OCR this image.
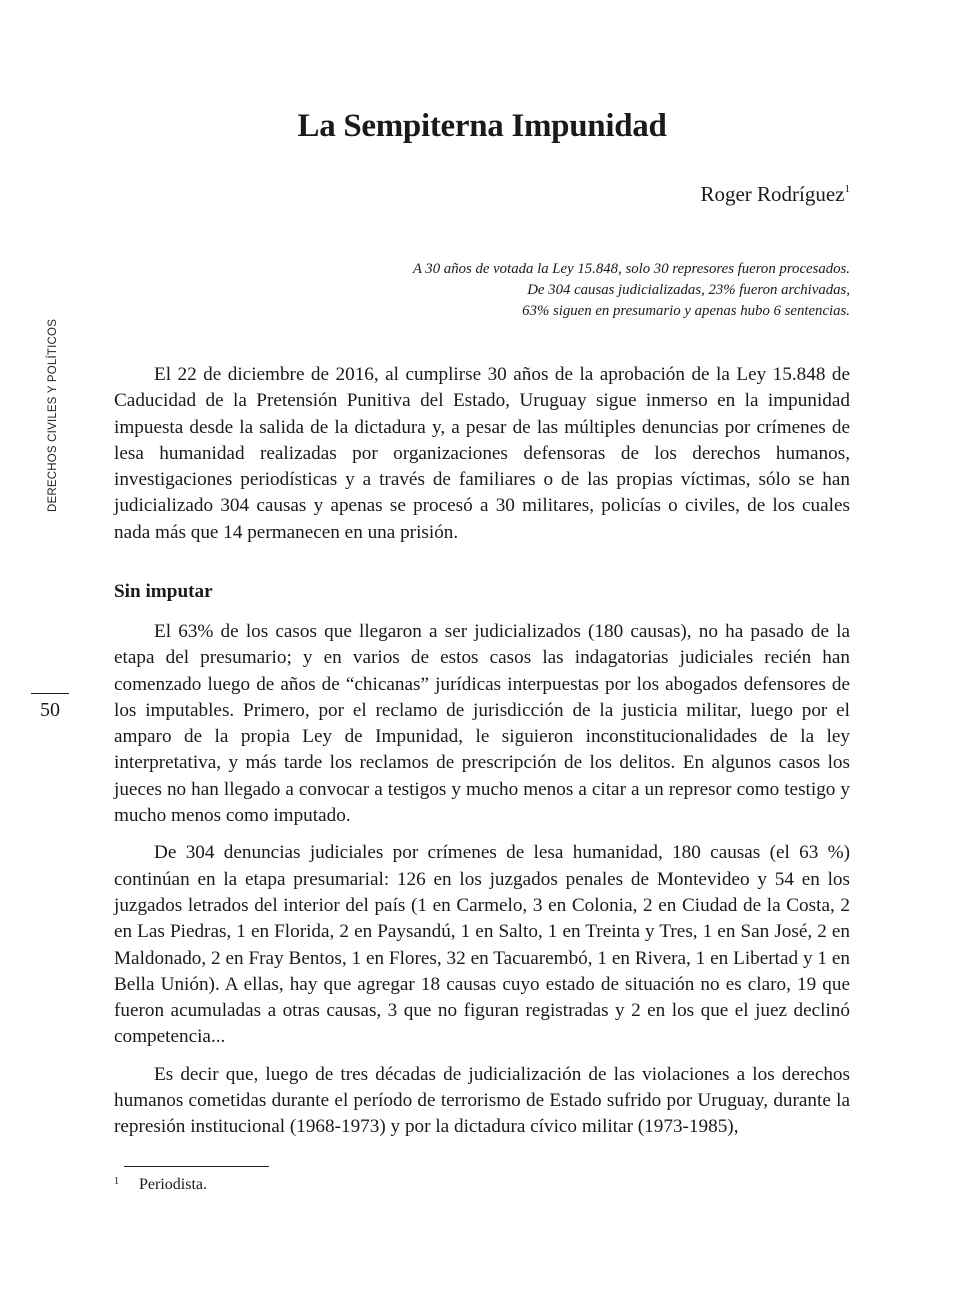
DERECHOS CIVILES Y POLÍTICOS
50
La Sempiterna Impunidad
Roger Rodríguez$^1$
A 30 años de votada la Ley 15.848, solo 30 represores fueron procesados.
De 304 causas judicializadas, 23% fueron archivadas,
63% siguen en presumario y apenas hubo 6 sentencias.

El 22 de diciembre de 2016, al cumplirse 30 años de la aprobación de la Ley 15.848 de Caducidad de la Pretensión Punitiva del Estado, Uruguay sigue inmerso en la impunidad impuesta desde la salida de la dictadura y, a pesar de las múltiples denuncias por crímenes de lesa humanidad realizadas por organizaciones defensoras de los derechos humanos, investigaciones periodísticas y a través de familiares o de las propias víctimas, sólo se han judicializado 304 causas y apenas se procesó a 30 militares, policías o civiles, de los cuales nada más que 14 permanecen en una prisión.

Sin imputar

El 63% de los casos que llegaron a ser judicializados (180 causas), no ha pasado de la etapa del presumario; y en varios de estos casos las indagatorias judiciales recién han comenzado luego de años de “chicanas” jurídicas interpuestas por los abogados defensores de los imputables. Primero, por el reclamo de jurisdicción de la justicia militar, luego por el amparo de la propia Ley de Impunidad, le siguieron inconstitucionalidades de la ley interpretativa, y más tarde los reclamos de prescripción de los delitos. En algunos casos los jueces no han llegado a convocar a testigos y mucho menos a citar a un represor como testigo y mucho menos como imputado.

De 304 denuncias judiciales por crímenes de lesa humanidad, 180 causas (el 63 %) continúan en la etapa presumarial: 126 en los juzgados penales de Montevideo y 54 en los juzgados letrados del interior del país (1 en Carmelo, 3 en Colonia, 2 en Ciudad de la Costa, 2 en Las Piedras, 1 en Florida, 2 en Paysandú, 1 en Salto, 1 en Treinta y Tres, 1 en San José, 2 en Maldonado, 2 en Fray Bentos, 1 en Flores, 32 en Tacuarembó, 1 en Rivera, 1 en Libertad y 1 en Bella Unión). A ellas, hay que agregar 18 causas cuyo estado de situación no es claro, 19 que fueron acumuladas a otras causas, 3 que no figuran registradas y 2 en los que el juez declinó competencia...

Es decir que, luego de tres décadas de judicialización de las violaciones a los derechos humanos cometidas durante el período de terrorismo de Estado sufrido por Uruguay, durante la represión institucional (1968-1973) y por la dictadura cívico militar (1973-1985),

$^1$ Periodista.
